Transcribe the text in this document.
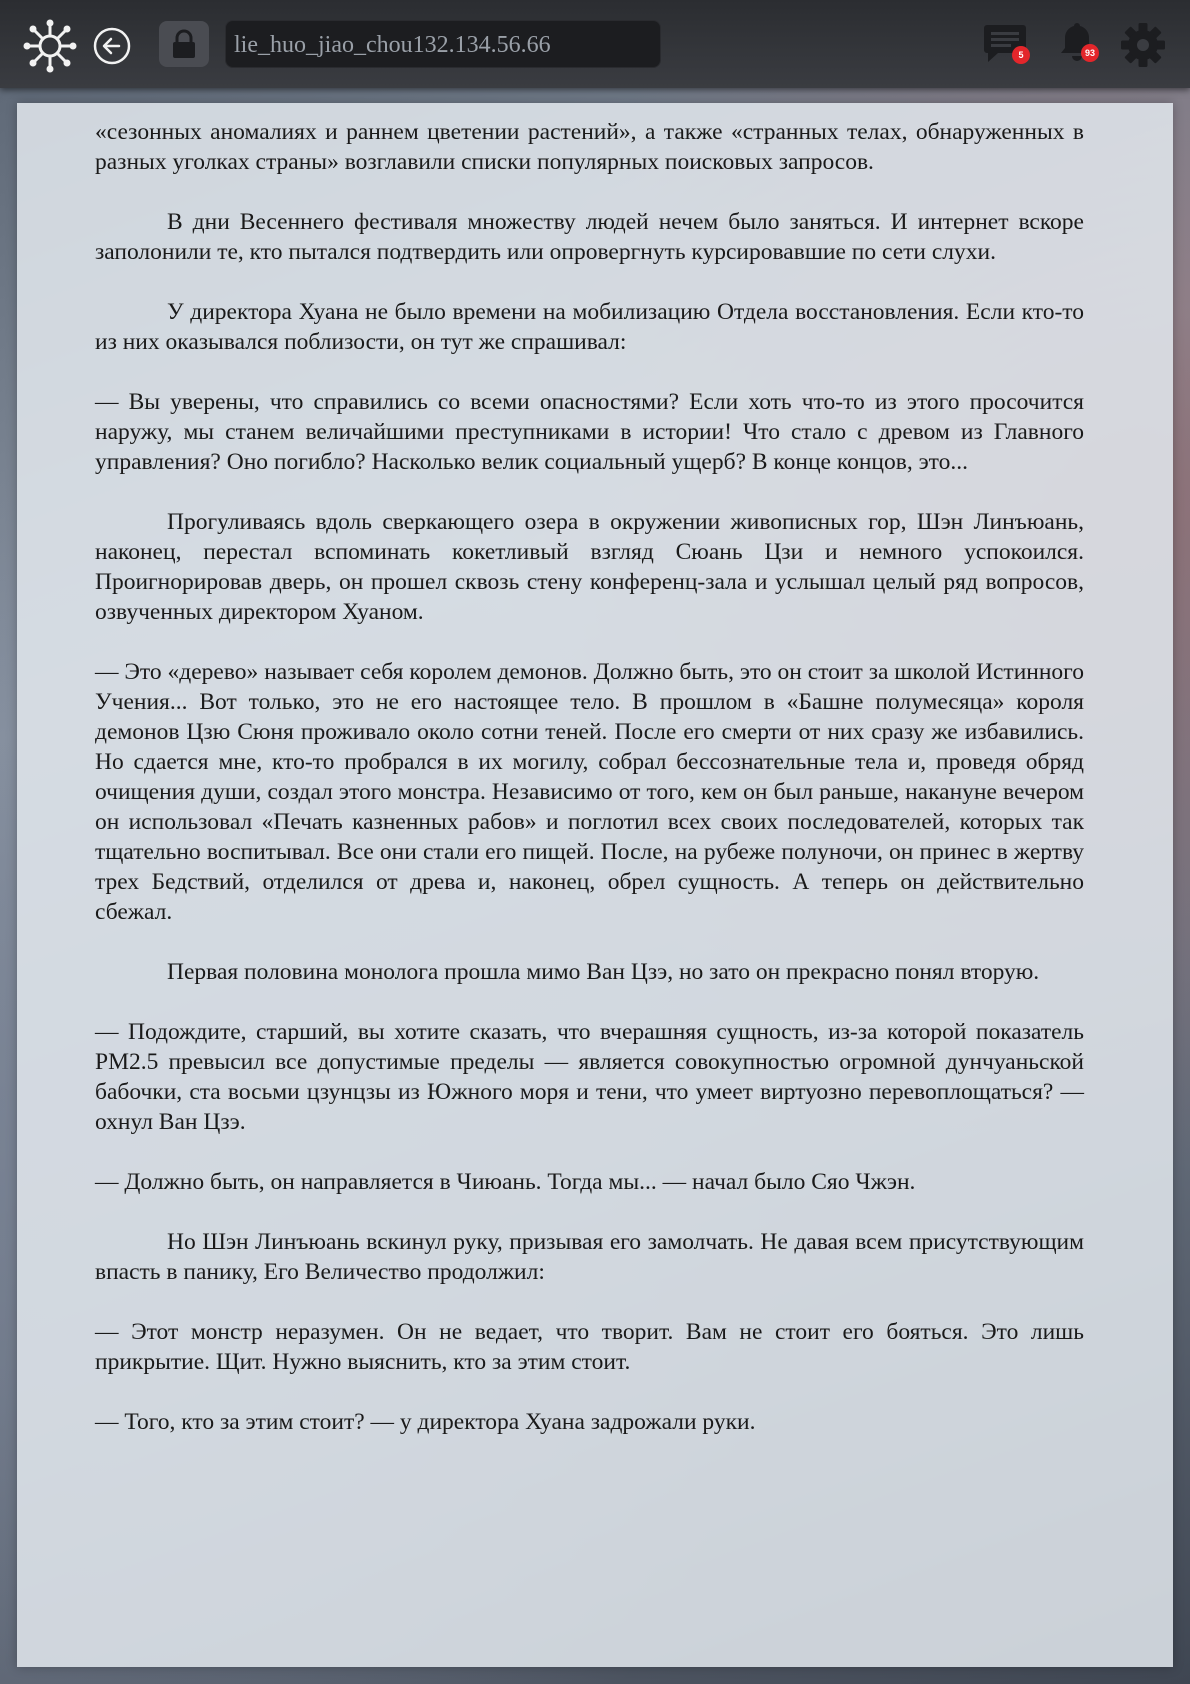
lie_huo_jiao_chou132.134.56.66	5	93

«сезонных аномалиях и раннем цветении растений», а также «странных телах, обнаруженных в разных уголках страны» возглавили списки популярных поисковых запросов.

В дни Весеннего фестиваля множеству людей нечем было заняться. И интернет вскоре заполонили те, кто пытался подтвердить или опровергнуть курсировавшие по сети слухи.

У директора Хуана не было времени на мобилизацию Отдела восстановления. Если кто-то из них оказывался поблизости, он тут же спрашивал:

— Вы уверены, что справились со всеми опасностями? Если хоть что-то из этого просочится наружу, мы станем величайшими преступниками в истории! Что стало с древом из Главного управления? Оно погибло? Насколько велик социальный ущерб? В конце концов, это...

Прогуливаясь вдоль сверкающего озера в окружении живописных гор, Шэн Линъюань, наконец, перестал вспоминать кокетливый взгляд Сюань Цзи и немного успокоился. Проигнорировав дверь, он прошел сквозь стену конференц-зала и услышал целый ряд вопросов, озвученных директором Хуаном.

— Это «дерево» называет себя королем демонов. Должно быть, это он стоит за школой Истинного Учения... Вот только, это не его настоящее тело. В прошлом в «Башне полумесяца» короля демонов Цзю Сюня проживало около сотни теней. После его смерти от них сразу же избавились. Но сдается мне, кто-то пробрался в их могилу, собрал бессознательные тела и, проведя обряд очищения души, создал этого монстра. Независимо от того, кем он был раньше, накануне вечером он использовал «Печать казненных рабов» и поглотил всех своих последователей, которых так тщательно воспитывал. Все они стали его пищей. После, на рубеже полуночи, он принес в жертву трех Бедствий, отделился от древа и, наконец, обрел сущность. А теперь он действительно сбежал.

Первая половина монолога прошла мимо Ван Цзэ, но зато он прекрасно понял вторую.

— Подождите, старший, вы хотите сказать, что вчерашняя сущность, из-за которой показатель PM2.5 превысил все допустимые пределы — является совокупностью огромной дунчуаньской бабочки, ста восьми цзунцзы из Южного моря и тени, что умеет виртуозно перевоплощаться? — охнул Ван Цзэ.

— Должно быть, он направляется в Чиюань. Тогда мы... — начал было Сяо Чжэн.

Но Шэн Линъюань вскинул руку, призывая его замолчать. Не давая всем присутствующим впасть в панику, Его Величество продолжил:

— Этот монстр неразумен. Он не ведает, что творит. Вам не стоит его бояться. Это лишь прикрытие. Щит. Нужно выяснить, кто за этим стоит.

— Того, кто за этим стоит? — у директора Хуана задрожали руки.
